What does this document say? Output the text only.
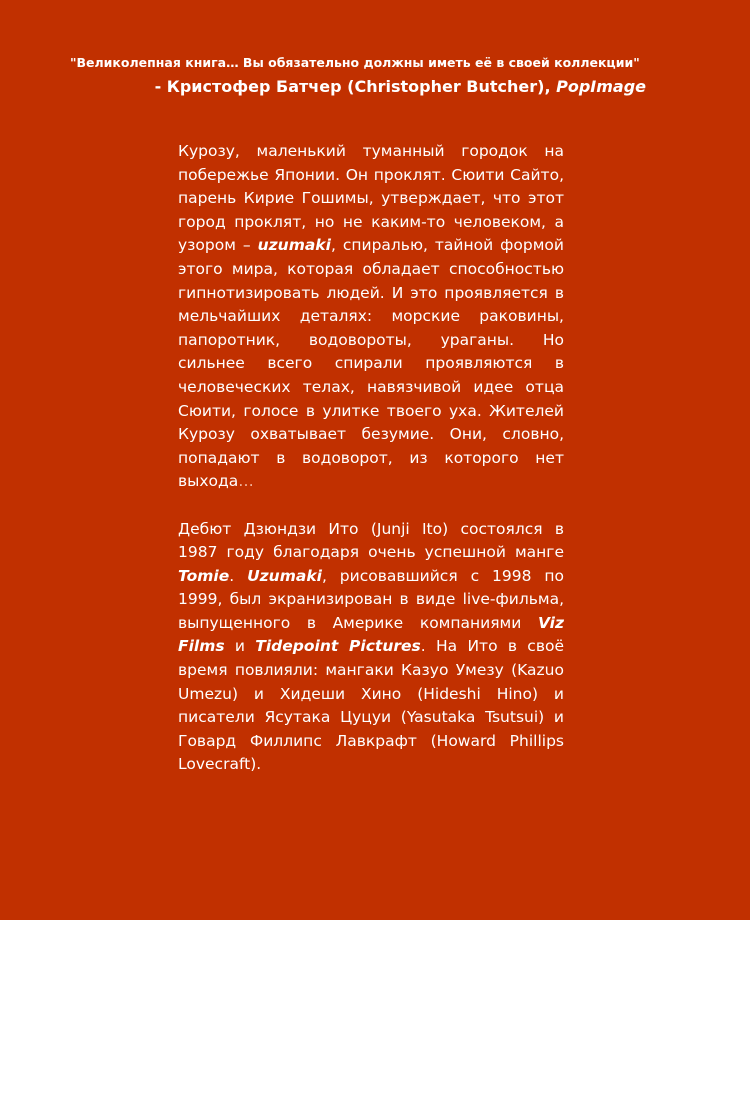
"Великолепная книга… Вы обязательно должны иметь её в своей коллекции"
- Кристофер Батчер (Christopher Butcher), PopImage

Курозу, маленький туманный городок на побережье Японии. Он проклят. Сюити Сайто, парень Кирие Гошимы, утверждает, что этот город проклят, но не каким-то человеком, а узором – uzumaki, спиралью, тайной формой этого мира, которая обладает способностью гипнотизировать людей. И это проявляется в мельчайших деталях: морские раковины, папоротник, водовороты, ураганы. Но сильнее всего спирали проявляются в человеческих телах, навязчивой идее отца Сюити, голосе в улитке твоего уха. Жителей Курозу охватывает безумие. Они, словно, попадают в водоворот, из которого нет выхода…

Дебют Дзюндзи Ито (Junji Ito) состоялся в 1987 году благодаря очень успешной манге Tomie. Uzumaki, рисовавшийся с 1998 по 1999, был экранизирован в виде live-фильма, выпущенного в Америке компаниями Viz Films и Tidepoint Pictures. На Ито в своё время повлияли: мангаки Казуо Умезу (Kazuo Umezu) и Хидеши Хино (Hideshi Hino) и писатели Ясутака Цуцуи (Yasutaka Tsutsui) и Говард Филлипс Лавкрафт (Howard Phillips Lovecraft).
